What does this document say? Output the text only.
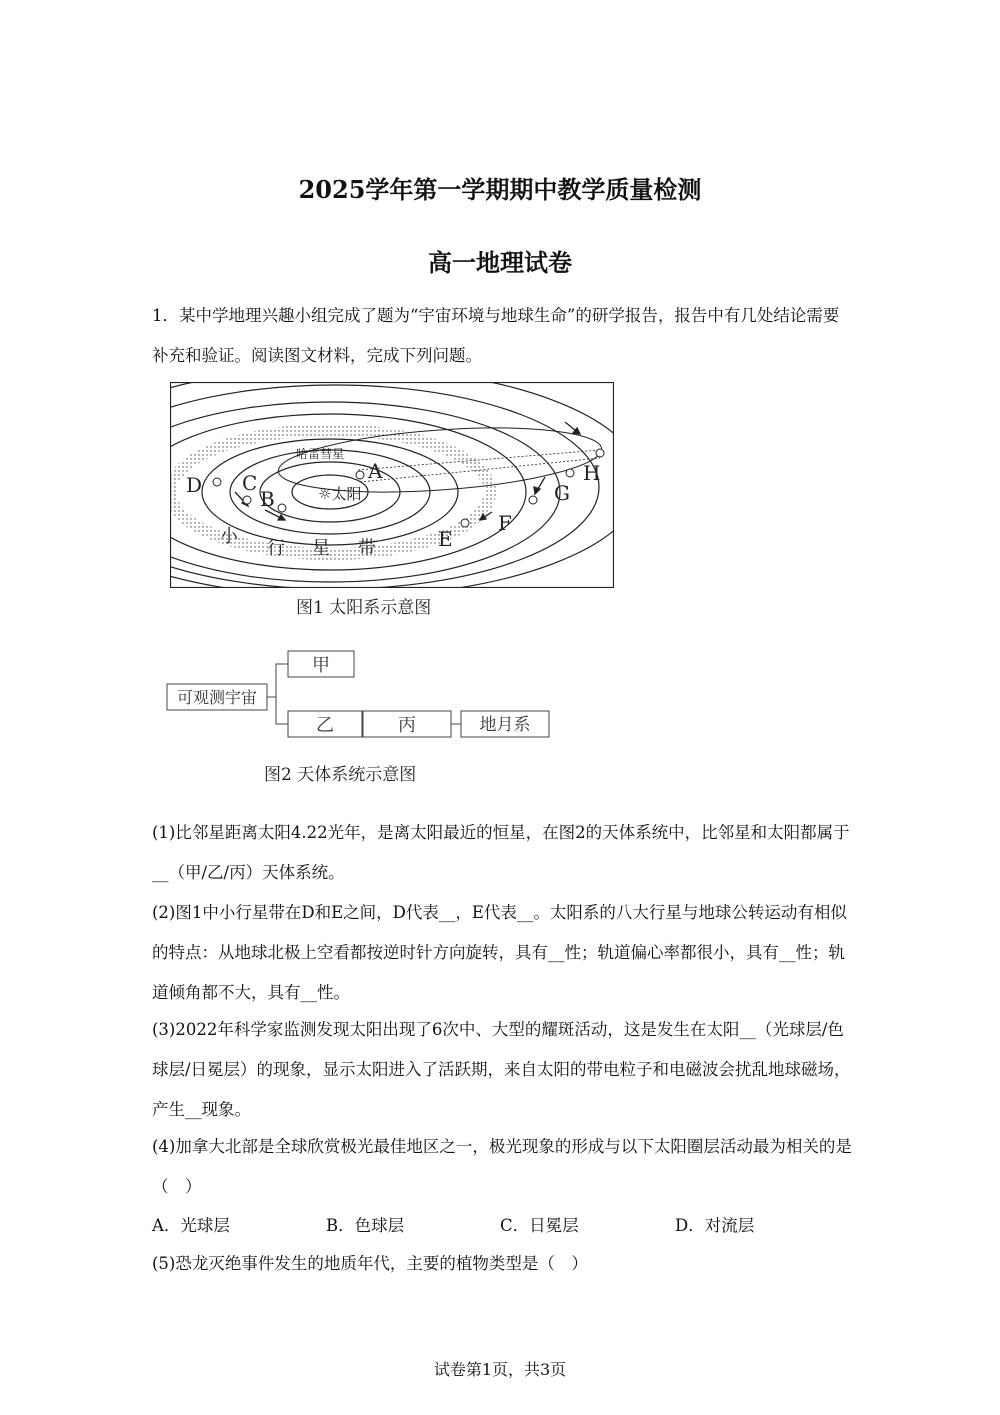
2025学年第一学期期中教学质量检测
高一地理试卷
1．某中学地理兴趣小组完成了题为“宇宙环境与地球生命”的研学报告，报告中有几处结论需要补充和验证。阅读图文材料，完成下列问题。
☼太阳
哈雷彗星
A
B
C
D
E
F
G
H
小
行 星 带
图1 太阳系示意图
可观测宇宙
甲
乙	丙	地月系
图2 天体系统示意图
(1)比邻星距离太阳4.22光年，是离太阳最近的恒星，在图2的天体系统中，比邻星和太阳都属于__（甲/乙/丙）天体系统。
(2)图1中小行星带在D和E之间，D代表__，E代表__。太阳系的八大行星与地球公转运动有相似的特点：从地球北极上空看都按逆时针方向旋转，具有__性；轨道偏心率都很小，具有__性；轨道倾角都不大，具有__性。
(3)2022年科学家监测发现太阳出现了6次中、大型的耀斑活动，这是发生在太阳__（光球层/色球层/日冕层）的现象，显示太阳进入了活跃期，来自太阳的带电粒子和电磁波会扰乱地球磁场，产生__现象。
(4)加拿大北部是全球欣赏极光最佳地区之一，极光现象的形成与以下太阳圈层活动最为相关的是（　）
A．光球层	B．色球层	C．日冕层	D．对流层
(5)恐龙灭绝事件发生的地质年代，主要的植物类型是（　）
试卷第1页，共3页
